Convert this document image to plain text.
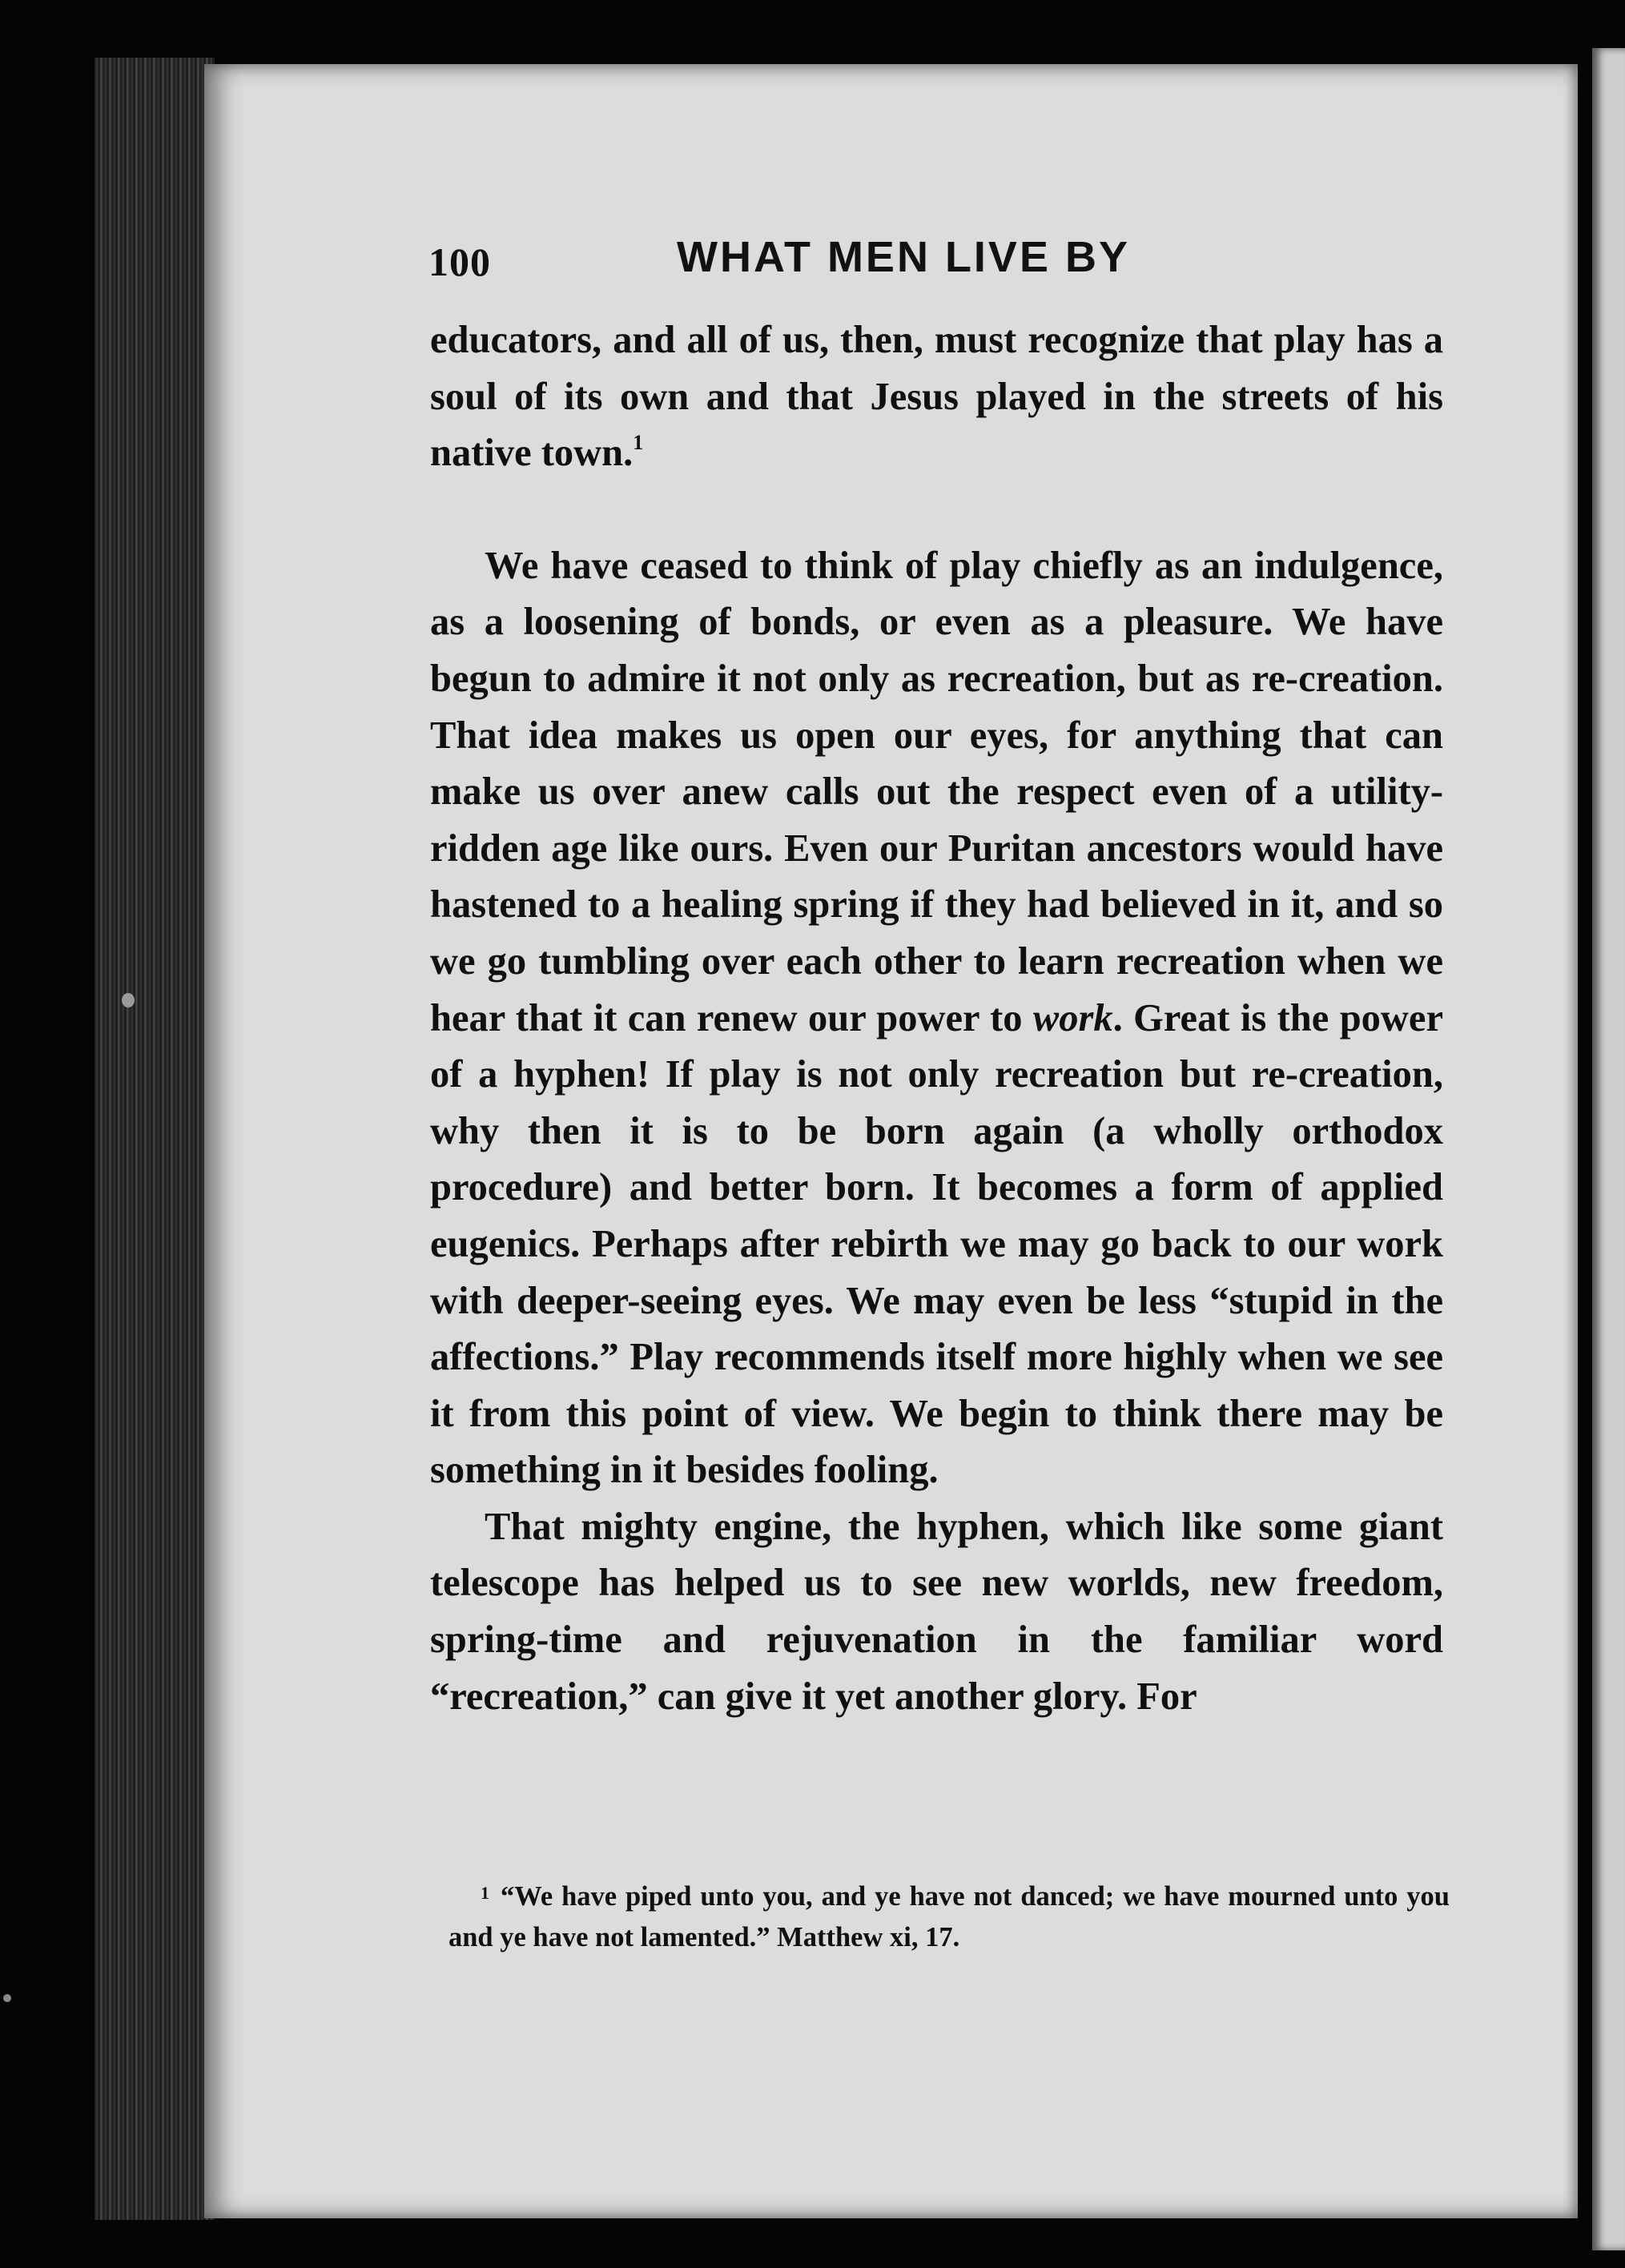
100	WHAT MEN LIVE BY

educators, and all of us, then, must recognize that play has a soul of its own and that Jesus played in the streets of his native town.$^1$

We have ceased to think of play chiefly as an indulgence, as a loosening of bonds, or even as a pleasure. We have begun to admire it not only as recreation, but as re-creation. That idea makes us open our eyes, for anything that can make us over anew calls out the respect even of a utility-ridden age like ours. Even our Puritan ancestors would have hastened to a healing spring if they had believed in it, and so we go tumbling over each other to learn recreation when we hear that it can renew our power to work. Great is the power of a hyphen! If play is not only recreation but re-creation, why then it is to be born again (a wholly orthodox procedure) and better born. It becomes a form of applied eugenics. Perhaps after rebirth we may go back to our work with deeper-seeing eyes. We may even be less “stupid in the affections.” Play recommends itself more highly when we see it from this point of view. We begin to think there may be something in it besides fooling.

That mighty engine, the hyphen, which like some giant telescope has helped us to see new worlds, new freedom, spring-time and rejuvenation in the familiar word “recreation,” can give it yet another glory. For

$^1$ “We have piped unto you, and ye have not danced; we have mourned unto you and ye have not lamented.” Matthew xi, 17.
